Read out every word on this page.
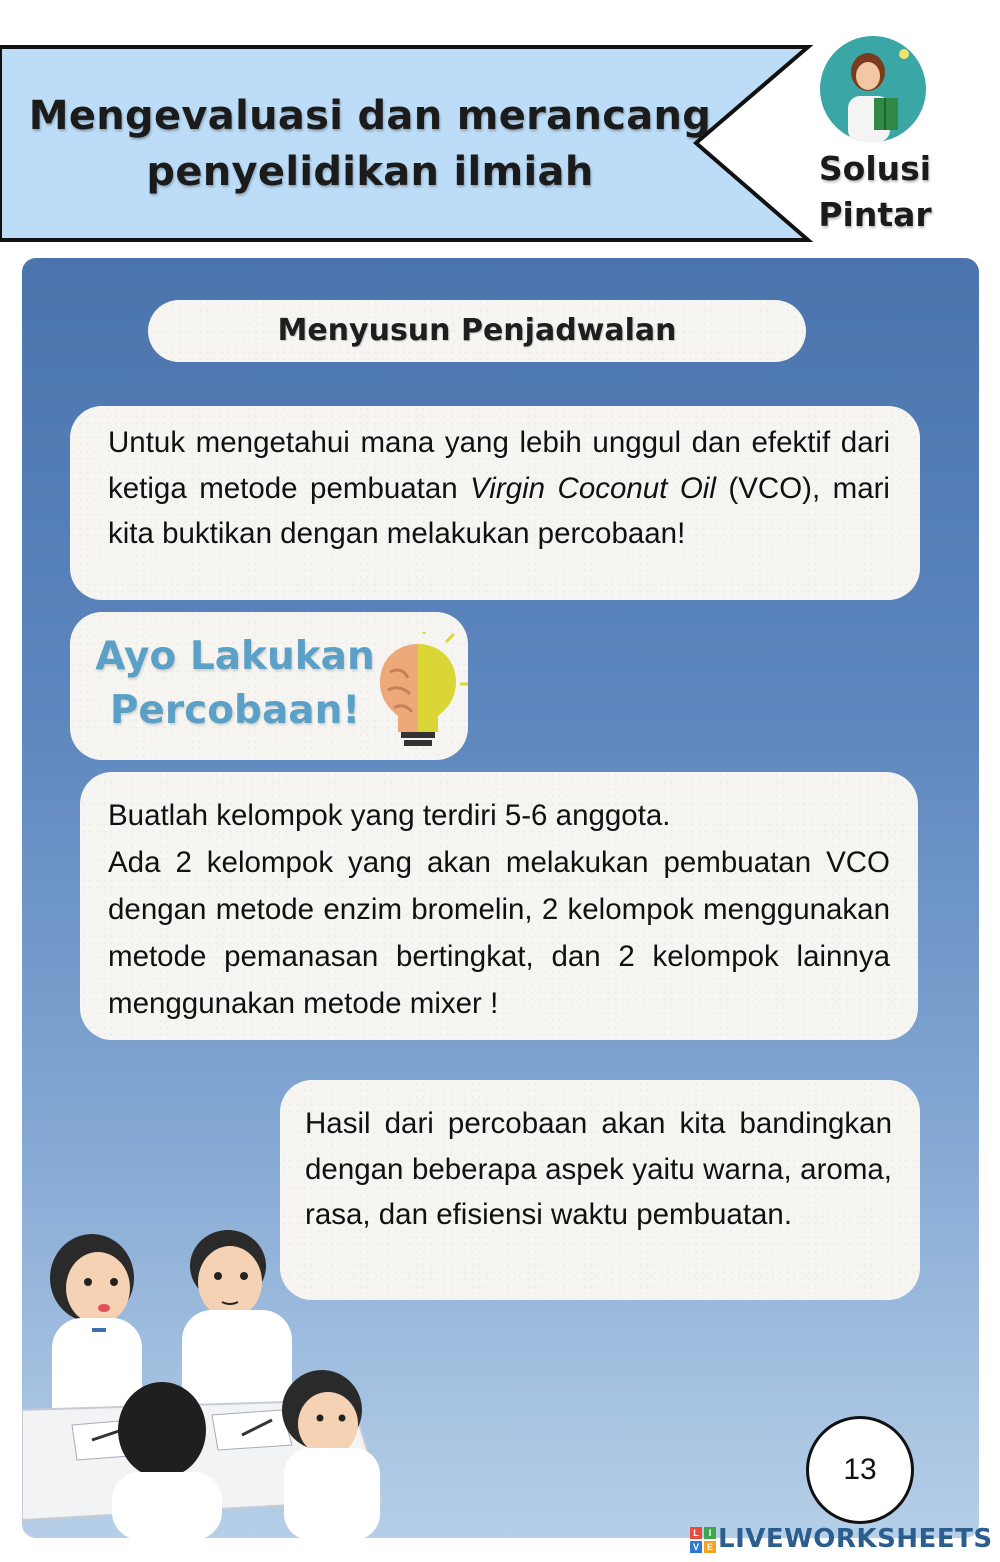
Mengevaluasi dan merancang
penyelidikan ilmiah	Solusi
Pintar
Menyusun Penjadwalan

Untuk mengetahui mana yang lebih unggul dan efektif dari ketiga metode pembuatan Virgin Coconut Oil (VCO), mari kita buktikan dengan melakukan percobaan!

Ayo Lakukan
Percobaan!

Buatlah kelompok yang terdiri 5-6 anggota.

Ada 2 kelompok yang akan melakukan pembuatan VCO dengan metode enzim bromelin, 2 kelompok menggunakan metode pemanasan bertingkat, dan 2 kelompok lainnya menggunakan metode mixer !

Hasil dari percobaan akan kita bandingkan dengan beberapa aspek yaitu warna, aroma, rasa, dan efisiensi waktu pembuatan.

13
L	I
V E LIVEWORKSHEETS
